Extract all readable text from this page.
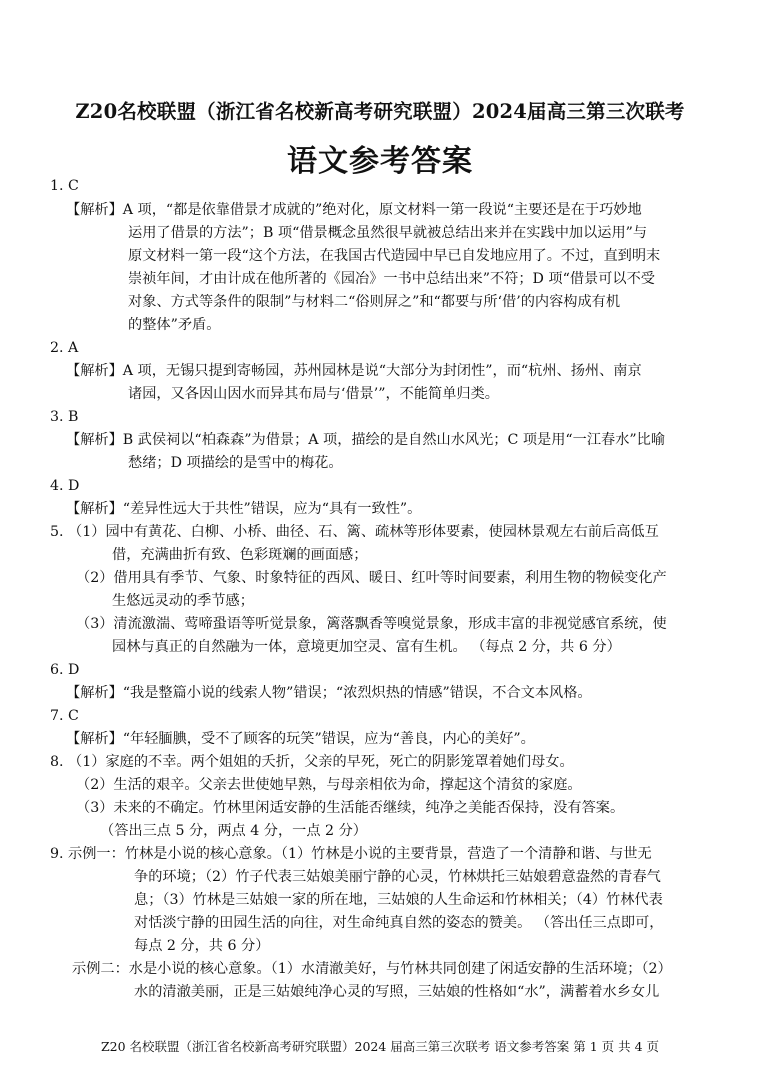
Z20名校联盟（浙江省名校新高考研究联盟）2024届高三第三次联考
语文参考答案
1. C
【解析】A 项，“都是依靠借景才成就的”绝对化，原文材料一第一段说“主要还是在于巧妙地
运用了借景的方法”；B 项“借景概念虽然很早就被总结出来并在实践中加以运用”与
原文材料一第一段“这个方法，在我国古代造园中早已自发地应用了。不过，直到明末
崇祯年间，才由计成在他所著的《园冶》一书中总结出来”不符；D 项“借景可以不受
对象、方式等条件的限制”与材料二“俗则屏之”和“都要与所‘借’的内容构成有机
的整体”矛盾。
2. A
【解析】A 项，无锡只提到寄畅园，苏州园林是说“大部分为封闭性”，而“杭州、扬州、南京
诸园，又各因山因水而异其布局与‘借景’”，不能简单归类。
3. B
【解析】B 武侯祠以“柏森森”为借景；A 项，描绘的是自然山水风光；C 项是用“一江春水”比喻
愁绪；D 项描绘的是雪中的梅花。
4. D
【解析】“差异性远大于共性”错误，应为“具有一致性”。
5. （1）园中有黄花、白柳、小桥、曲径、石、篱、疏林等形体要素，使园林景观左右前后高低互
借，充满曲折有致、色彩斑斓的画面感；
（2）借用具有季节、气象、时象特征的西风、暖日、红叶等时间要素，利用生物的物候变化产
生悠远灵动的季节感；
（3）清流激湍、莺啼蛩语等听觉景象，篱落飘香等嗅觉景象，形成丰富的非视觉感官系统，使
园林与真正的自然融为一体，意境更加空灵、富有生机。 （每点 2 分，共 6 分）
6. D
【解析】“我是整篇小说的线索人物”错误；“浓烈炽热的情感”错误，不合文本风格。
7. C
【解析】“年轻腼腆，受不了顾客的玩笑”错误，应为“善良，内心的美好”。
8. （1）家庭的不幸。两个姐姐的夭折，父亲的早死，死亡的阴影笼罩着她们母女。
（2）生活的艰辛。父亲去世使她早熟，与母亲相依为命，撑起这个清贫的家庭。
（3）未来的不确定。竹林里闲适安静的生活能否继续，纯净之美能否保持，没有答案。
（答出三点 5 分，两点 4 分，一点 2 分）
9. 示例一：竹林是小说的核心意象。（1）竹林是小说的主要背景，营造了一个清静和谐、与世无
争的环境；（2）竹子代表三姑娘美丽宁静的心灵，竹林烘托三姑娘碧意盎然的青春气
息；（3）竹林是三姑娘一家的所在地，三姑娘的人生命运和竹林相关；（4）竹林代表
对恬淡宁静的田园生活的向往，对生命纯真自然的姿态的赞美。 （答出任三点即可，
每点 2 分，共 6 分）
示例二：水是小说的核心意象。（1）水清澈美好，与竹林共同创建了闲适安静的生活环境；（2）
水的清澈美丽，正是三姑娘纯净心灵的写照，三姑娘的性格如“水”，满蓄着水乡女儿
Z20 名校联盟（浙江省名校新高考研究联盟）2024 届高三第三次联考 语文参考答案 第 1 页 共 4 页
